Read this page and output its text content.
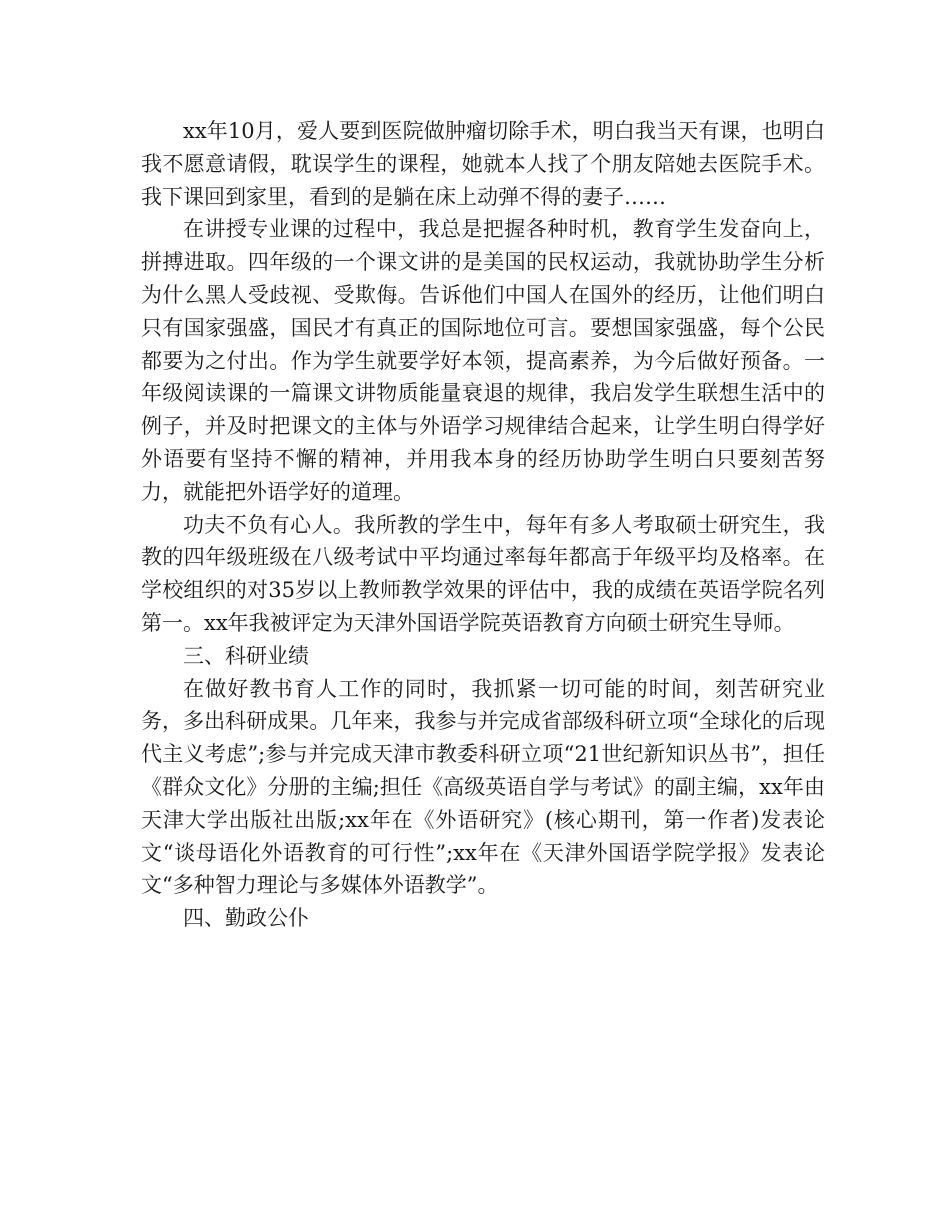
xx年10月，爱人要到医院做肿瘤切除手术，明白我当天有课，也明白我不愿意请假，耽误学生的课程，她就本人找了个朋友陪她去医院手术。我下课回到家里，看到的是躺在床上动弹不得的妻子……

在讲授专业课的过程中，我总是把握各种时机，教育学生发奋向上，拼搏进取。四年级的一个课文讲的是美国的民权运动，我就协助学生分析为什么黑人受歧视、受欺侮。告诉他们中国人在国外的经历，让他们明白只有国家强盛，国民才有真正的国际地位可言。要想国家强盛，每个公民都要为之付出。作为学生就要学好本领，提高素养，为今后做好预备。一年级阅读课的一篇课文讲物质能量衰退的规律，我启发学生联想生活中的例子，并及时把课文的主体与外语学习规律结合起来，让学生明白得学好外语要有坚持不懈的精神，并用我本身的经历协助学生明白只要刻苦努力，就能把外语学好的道理。

功夫不负有心人。我所教的学生中，每年有多人考取硕士研究生，我教的四年级班级在八级考试中平均通过率每年都高于年级平均及格率。在学校组织的对35岁以上教师教学效果的评估中，我的成绩在英语学院名列第一。xx年我被评定为天津外国语学院英语教育方向硕士研究生导师。

三、科研业绩

在做好教书育人工作的同时，我抓紧一切可能的时间，刻苦研究业务，多出科研成果。几年来，我参与并完成省部级科研立项“全球化的后现代主义考虑”;参与并完成天津市教委科研立项“21世纪新知识丛书”，担任《群众文化》分册的主编;担任《高级英语自学与考试》的副主编，xx年由天津大学出版社出版;xx年在《外语研究》(核心期刊，第一作者)发表论文“谈母语化外语教育的可行性”;xx年在《天津外国语学院学报》发表论文“多种智力理论与多媒体外语教学”。

四、勤政公仆
